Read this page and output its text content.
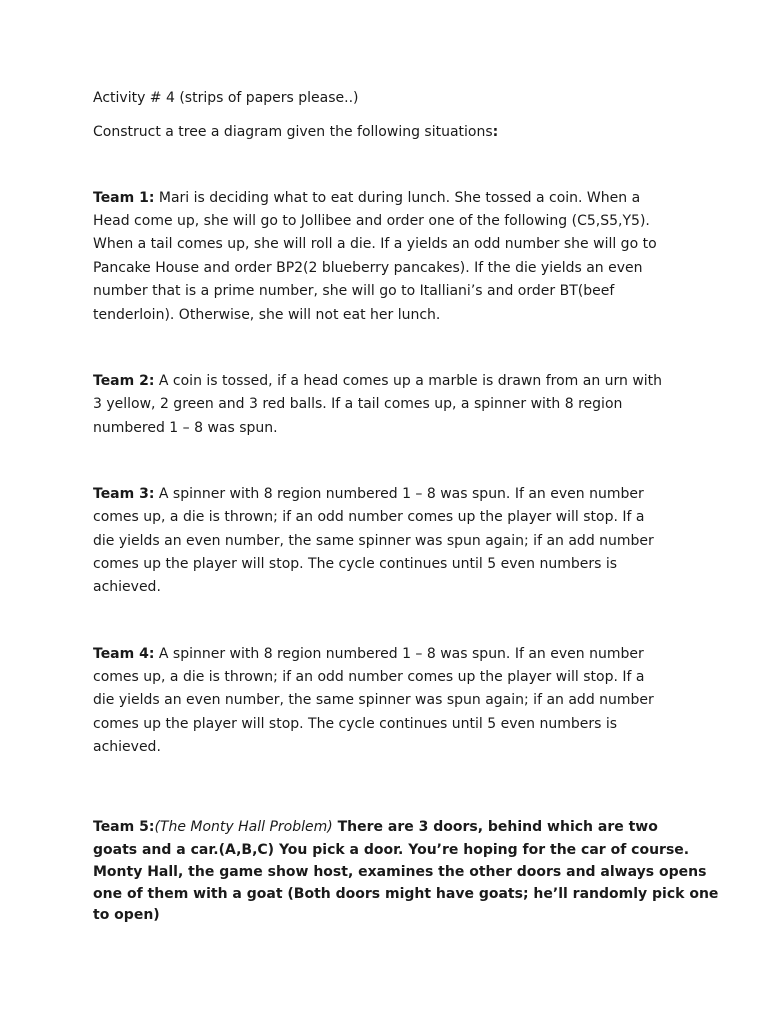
Activity # 4 (strips of papers please..)
Construct a tree a diagram given the following situations:
Team 1: Mari is deciding what to eat during lunch. She tossed a coin. When a
Head come up, she will go to Jollibee and order one of the following (C5,S5,Y5).
When a tail comes up, she will roll a die. If a yields an odd number she will go to
Pancake House and order BP2(2 blueberry pancakes). If the die yields an even
number that is a prime number, she will go to Italliani’s and order BT(beef
tenderloin). Otherwise, she will not eat her lunch.
Team 2: A coin is tossed, if a head comes up a marble is drawn from an urn with
3 yellow, 2 green and 3 red balls. If a tail comes up, a spinner with 8 region
numbered 1 – 8 was spun.
Team 3: A spinner with 8 region numbered 1 – 8 was spun. If an even number
comes up, a die is thrown; if an odd number comes up the player will stop. If a
die yields an even number, the same spinner was spun again; if an add number
comes up the player will stop. The cycle continues until 5 even numbers is
achieved.
Team 4: A spinner with 8 region numbered 1 – 8 was spun. If an even number
comes up, a die is thrown; if an odd number comes up the player will stop. If a
die yields an even number, the same spinner was spun again; if an add number
comes up the player will stop. The cycle continues until 5 even numbers is
achieved.
Team 5:(The Monty Hall Problem) There are 3 doors, behind which are two
goats and a car.(A,B,C) You pick a door. You’re hoping for the car of course.
Monty Hall, the game show host, examines the other doors and always opens
one of them with a goat (Both doors might have goats; he’ll randomly pick one
to open)
